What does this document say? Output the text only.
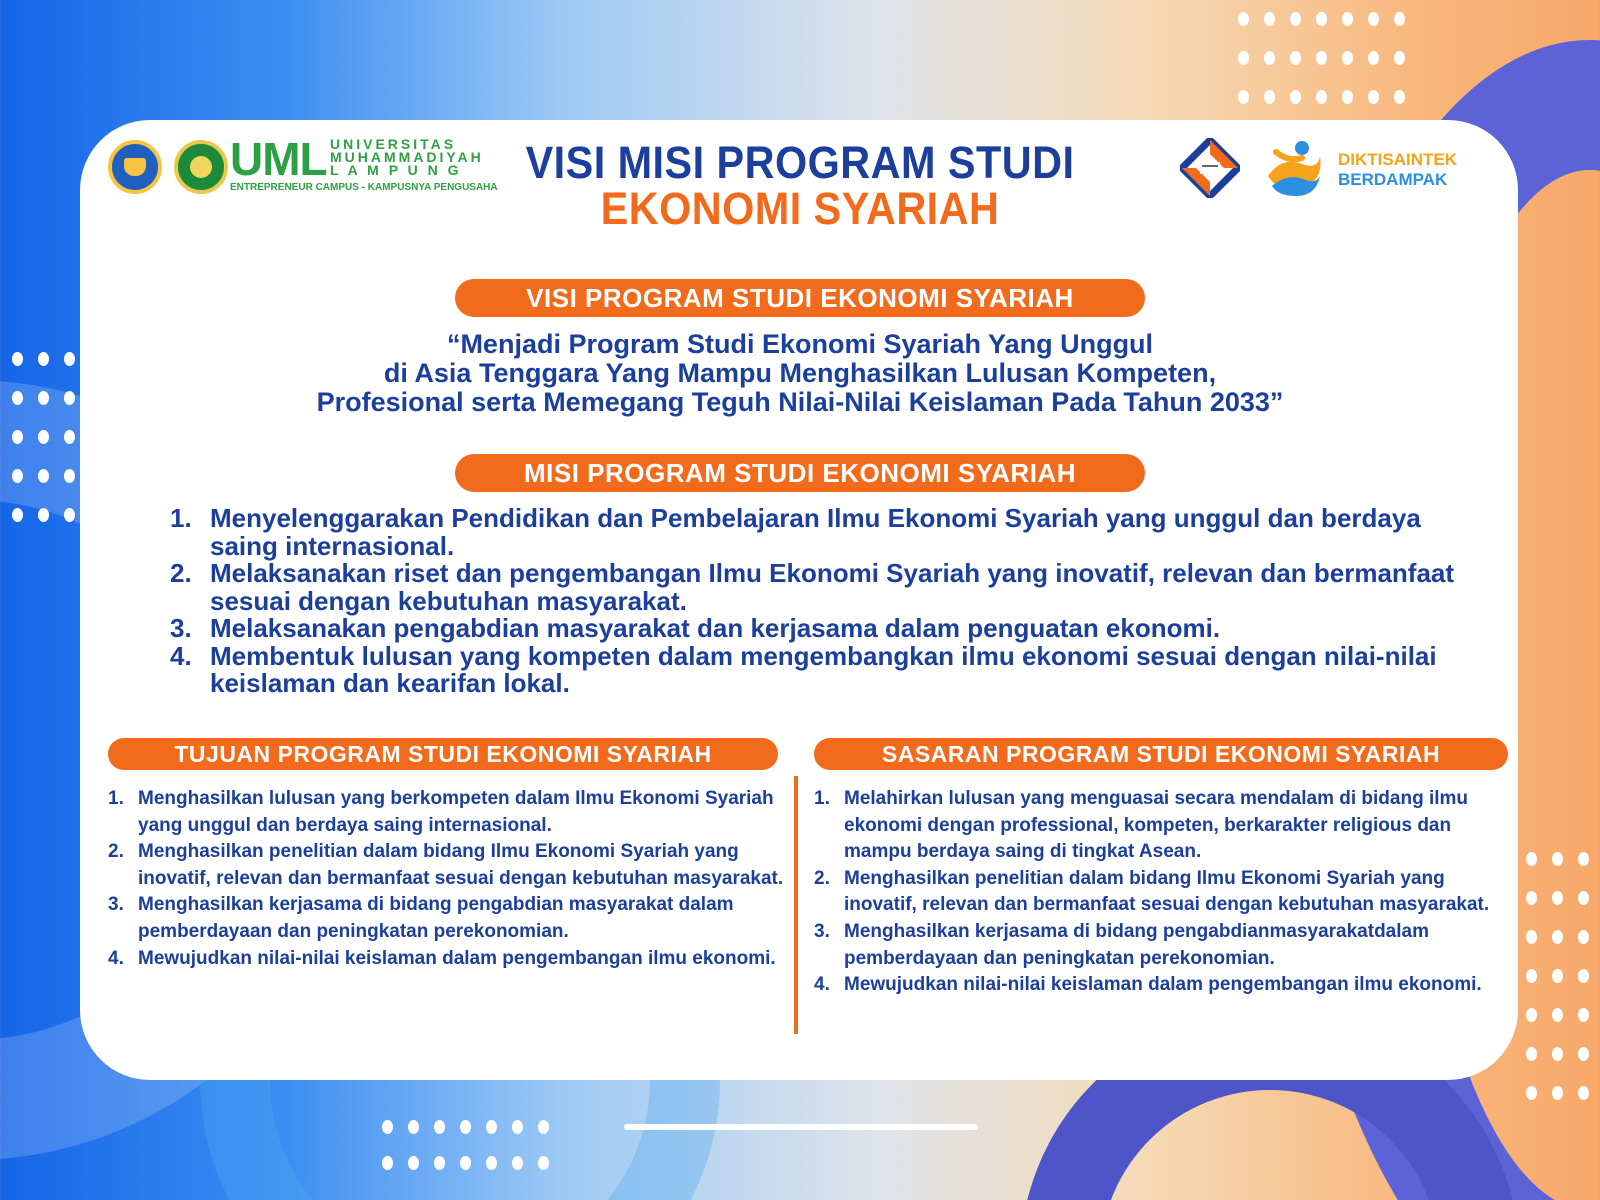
UML UNIVERSITAS
MUHAMMADIYAH
L A M P U N G
ENTREPRENEUR CAMPUS - KAMPUSNYA PENGUSAHA
DIKTISAINTEK
BERDAMPAK
VISI MISI PROGRAM STUDI
EKONOMI SYARIAH
VISI PROGRAM STUDI EKONOMI SYARIAH
“Menjadi Program Studi Ekonomi Syariah Yang Unggul
di Asia Tenggara Yang Mampu Menghasilkan Lulusan Kompeten,
Profesional serta Memegang Teguh Nilai-Nilai Keislaman Pada Tahun 2033”
MISI PROGRAM STUDI EKONOMI SYARIAH
1. Menyelenggarakan Pendidikan dan Pembelajaran Ilmu Ekonomi Syariah yang unggul dan berdaya saing internasional.
2. Melaksanakan riset dan pengembangan Ilmu Ekonomi Syariah yang inovatif, relevan dan bermanfaat sesuai dengan kebutuhan masyarakat.
3. Melaksanakan pengabdian masyarakat dan kerjasama dalam penguatan ekonomi.
4. Membentuk lulusan yang kompeten dalam mengembangkan ilmu ekonomi sesuai dengan nilai-nilai keislaman dan kearifan lokal.
TUJUAN PROGRAM STUDI EKONOMI SYARIAH
1. Menghasilkan lulusan yang berkompeten dalam Ilmu Ekonomi Syariah yang unggul dan berdaya saing internasional.
2. Menghasilkan penelitian dalam bidang Ilmu Ekonomi Syariah yang inovatif, relevan dan bermanfaat sesuai dengan kebutuhan masyarakat.
3. Menghasilkan kerjasama di bidang pengabdian masyarakat dalam pemberdayaan dan peningkatan perekonomian.
4. Mewujudkan nilai-nilai keislaman dalam pengembangan ilmu ekonomi.
SASARAN PROGRAM STUDI EKONOMI SYARIAH
1. Melahirkan lulusan yang menguasai secara mendalam di bidang ilmu ekonomi dengan professional, kompeten, berkarakter religious dan mampu berdaya saing di tingkat Asean.
2. Menghasilkan penelitian dalam bidang Ilmu Ekonomi Syariah yang inovatif, relevan dan bermanfaat sesuai dengan kebutuhan masyarakat.
3. Menghasilkan kerjasama di bidang pengabdianmasyarakatdalam pemberdayaan dan peningkatan perekonomian.
4. Mewujudkan nilai-nilai keislaman dalam pengembangan ilmu ekonomi.
